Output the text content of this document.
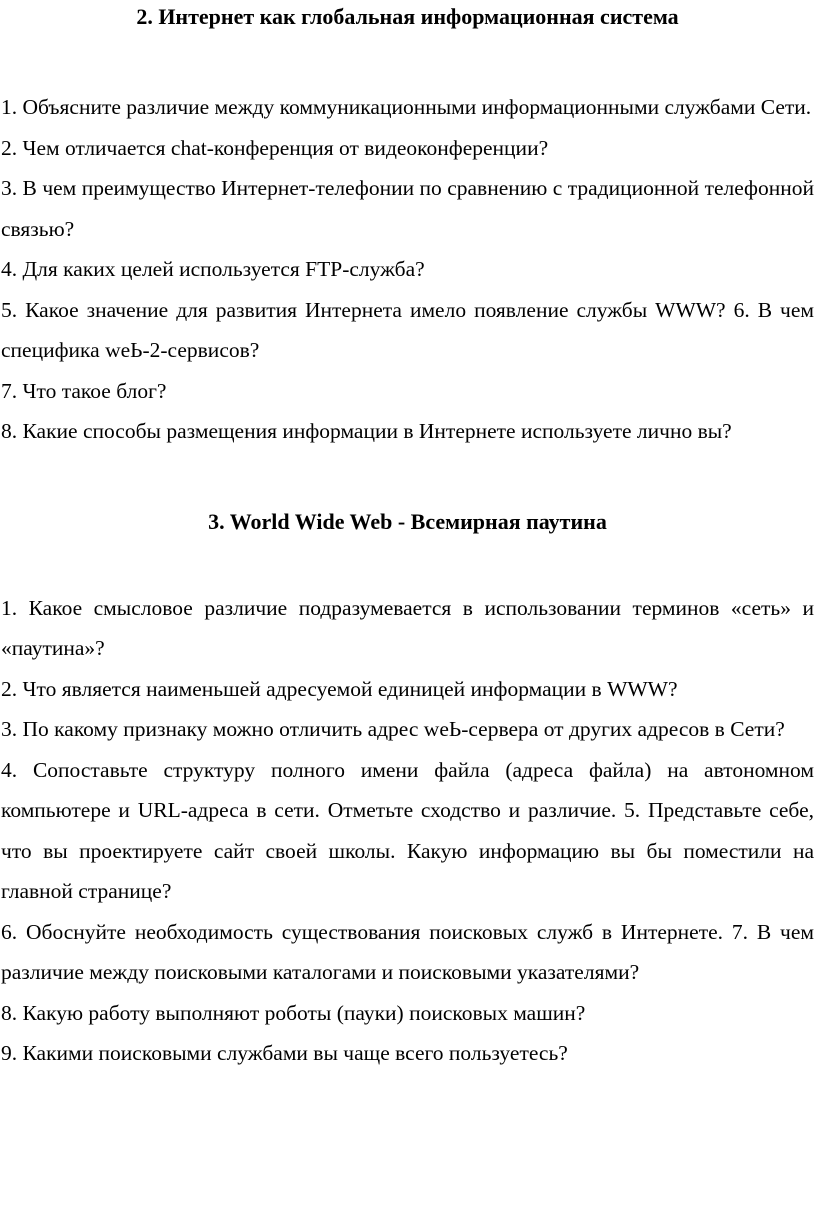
2. Интернет как глобальная информационная система
1. Объясните различие между коммуникационными информационными службами Сети.
2. Чем отличается chat-конференция от видеоконференции?
3. В чем преимущество Интернет-телефонии по сравнению с традиционной телефонной связью?
4. Для каких целей используется FTP-служба?
5. Какое значение для развития Интернета имело появление службы WWW? 6. В чем специфика weЬ-2-сервисов?
7. Что такое блог?
8. Какие способы размещения информации в Интернете используете лично вы?
3. World Wide Web - Всемирная паутина
1. Какое смысловое различие подразумевается в использовании терминов «сеть» и «паутина»?
2. Что является наименьшей адресуемой единицей информации в WWW?
3. По какому признаку можно отличить адрес weЬ-сервера от других адресов в Сети?
4. Сопоставьте структуру полного имени файла (адреса файла) на автономном компьютере и URL-адреса в сети. Отметьте сходство и различие. 5. Представьте себе, что вы проектируете сайт своей школы. Какую информацию вы бы поместили на главной странице?
6. Обоснуйте необходимость существования поисковых служб в Интернете. 7. В чем различие между поисковыми каталогами и поисковыми указателями?
8. Какую работу выполняют роботы (пауки) поисковых машин?
9. Какими поисковыми службами вы чаще всего пользуетесь?
